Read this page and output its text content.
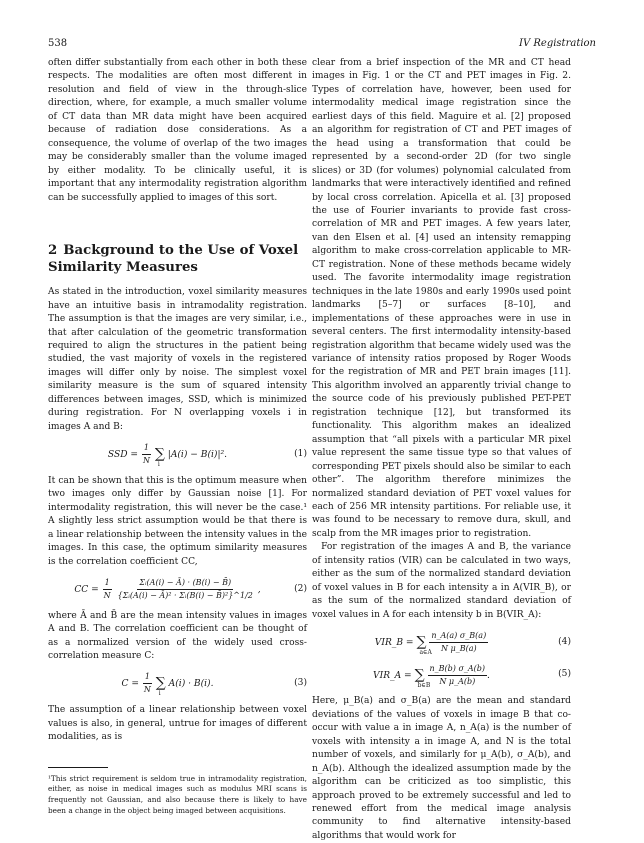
538	IV Registration

often differ substantially from each other in both these respects. The modalities are often most different in resolution and field of view in the through-slice direction, where, for example, a much smaller volume of CT data than MR data might have been acquired because of radiation dose considerations. As a consequence, the volume of overlap of the two images may be considerably smaller than the volume imaged by either modality. To be clinically useful, it is important that any intermodality registration algorithm can be successfully applied to images of this sort.

2 Background to the Use of Voxel Similarity Measures

As stated in the introduction, voxel similarity measures have an intuitive basis in intramodality registration. The assumption is that the images are very similar, i.e., that after calculation of the geometric transformation required to align the structures in the patient being studied, the vast majority of voxels in the registered images will differ only by noise. The simplest voxel similarity measure is the sum of squared intensity differences between images, SSD, which is minimized during registration. For N overlapping voxels i in images A and B:

SSD = $\frac{1}{N}$ ∑
i
|A(i) − B(i)|².	(1)

It can be shown that this is the optimum measure when two images only differ by Gaussian noise [1]. For intermodality registration, this will never be the case.¹ A slightly less strict assumption would be that there is a linear relationship between the intensity values in the images. In this case, the optimum similarity measures is the correlation coefficient CC,

CC = $\frac{1}{N}$
$\frac{\text{Σᵢ(A(i) − Ā) · (B(i) − B̄)}}{\text{\{Σᵢ(A(i) − Ā)² · Σᵢ(B(i) − B̄)²\}\textasciicircum{}1/2}}$ ,	(2)

where Ā and B̄ are the mean intensity values in images A and B. The correlation coefficient can be thought of as a normalized version of the widely used cross-correlation measure C:

$C = \frac{1}{N}$ ∑
i
A(i) · B(i).	(3)

The assumption of a linear relationship between voxel values is also, in general, untrue for images of different modalities, as is

¹This strict requirement is seldom true in intramodality registration, either, as noise in medical images such as modulus MRI scans is frequently not Gaussian, and also because there is likely to have been a change in the object being imaged between acquisitions.

clear from a brief inspection of the MR and CT head images in Fig. 1 or the CT and PET images in Fig. 2. Types of correlation have, however, been used for intermodality medical image registration since the earliest days of this field. Maguire et al. [2] proposed an algorithm for registration of CT and PET images of the head using a transformation that could be represented by a second-order 2D (for two single slices) or 3D (for volumes) polynomial calculated from landmarks that were interactively identified and refined by local cross correlation. Apicella et al. [3] proposed the use of Fourier invariants to provide fast cross-correlation of MR and PET images. A few years later, van den Elsen et al. [4] used an intensity remapping algorithm to make cross-correlation applicable to MR-CT registration. None of these methods became widely used. The favorite intermodality image registration techniques in the late 1980s and early 1990s used point landmarks [5–7] or surfaces [8–10], and implementations of these approaches were in use in several centers. The first intermodality intensity-based registration algorithm that became widely used was the variance of intensity ratios proposed by Roger Woods for the registration of MR and PET brain images [11]. This algorithm involved an apparently trivial change to the source code of his previously published PET-PET registration technique [12], but transformed its functionality. This algorithm makes an idealized assumption that “all pixels with a particular MR pixel value represent the same tissue type so that values of corresponding PET pixels should also be similar to each other”. The algorithm therefore minimizes the normalized standard deviation of PET voxel values for each of 256 MR intensity partitions. For reliable use, it was found to be necessary to remove dura, skull, and scalp from the MR images prior to registration.

For registration of the images A and B, the variance of intensity ratios (VIR) can be calculated in two ways, either as the sum of the normalized standard deviation of voxel values in B for each intensity a in A(VIR_B), or as the sum of the normalized standard deviation of voxel values in A for each intensity b in B(VIR_A):

VIR_B = ∑
a∈A

$\frac{n\_A(a) \sigma\_B(a)}{\text{N μ\_B(a)}}$	(4)
VIR_A = ∑
b∈B

$\frac{n\_B(b) \sigma\_A(b)}{\text{N μ\_A(b)}}$ .	(5)

Here, μ_B(a) and σ_B(a) are the mean and standard deviations of the values of voxels in image B that co-occur with value a in image A, n_A(a) is the number of voxels with intensity a in image A, and N is the total number of voxels, and similarly for μ_A(b), σ_A(b), and n_A(b). Although the idealized assumption made by the algorithm can be criticized as too simplistic, this approach proved to be extremely successful and led to renewed effort from the medical image analysis community to find alternative intensity-based algorithms that would work for
